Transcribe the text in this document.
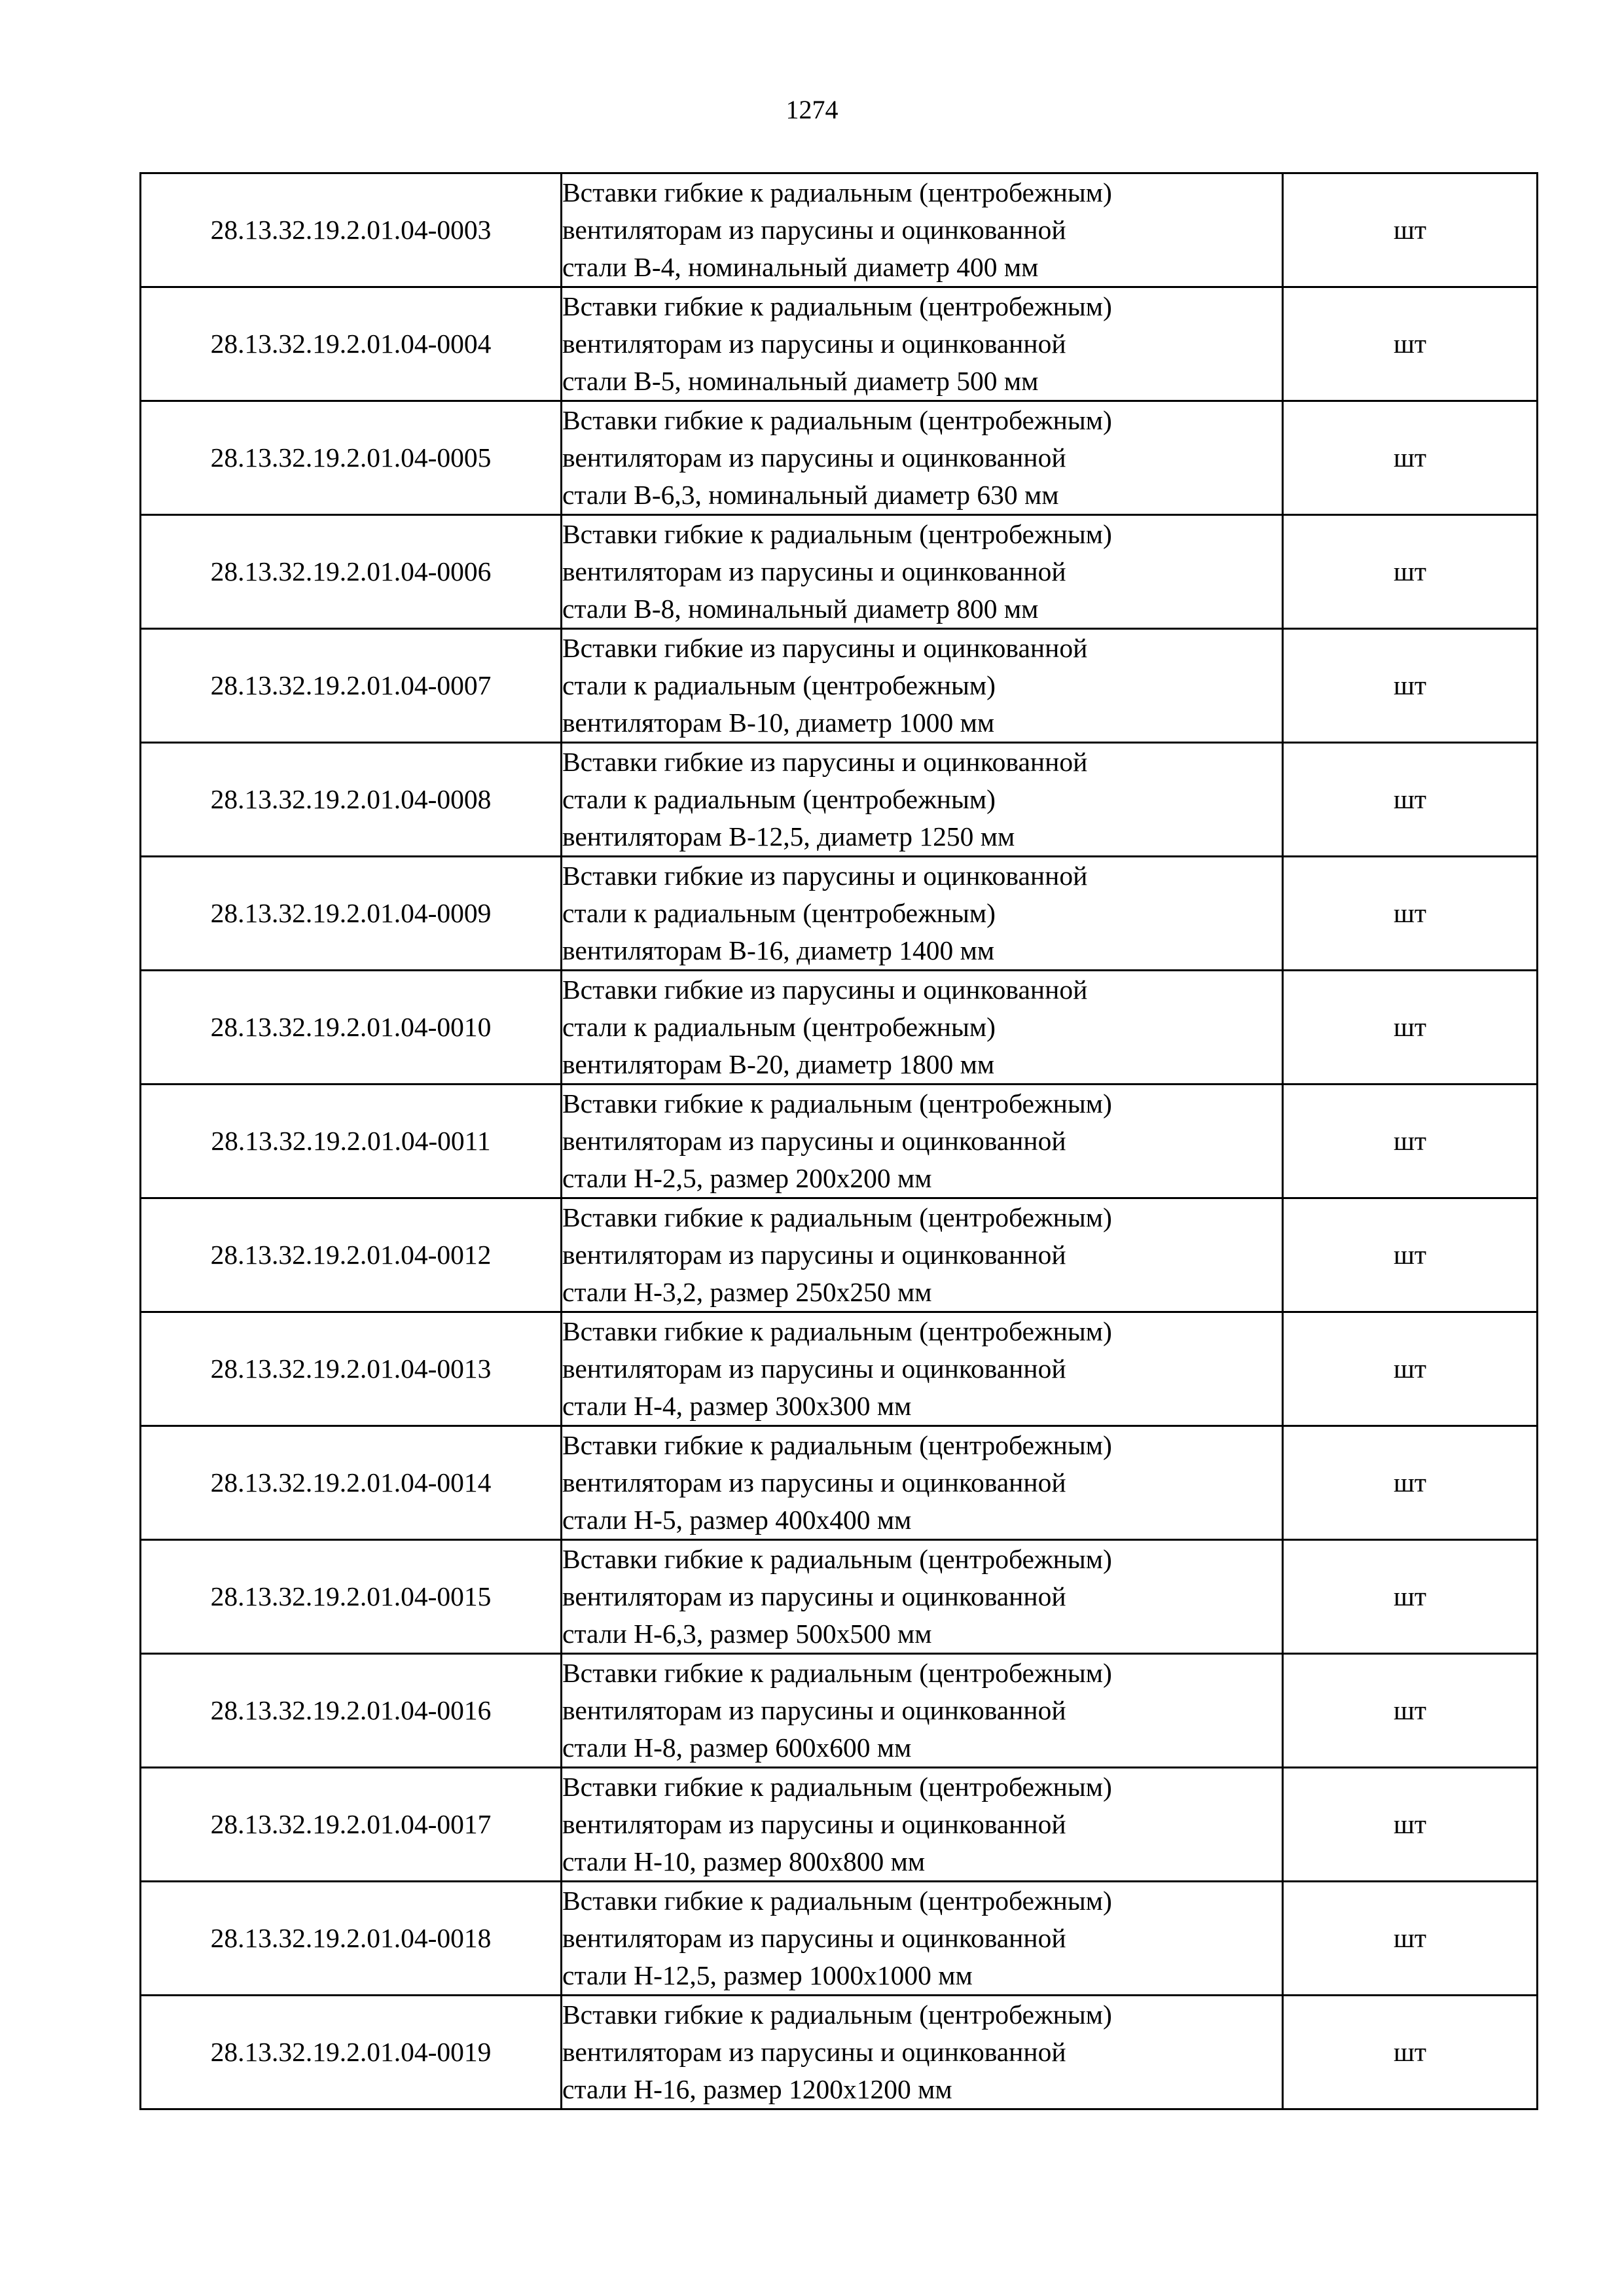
1274
28.13.32.19.2.01.04-0003	Вставки гибкие к радиальным (центробежным)
вентиляторам из парусины и оцинкованной
стали В-4, номинальный диаметр 400 мм	шт
28.13.32.19.2.01.04-0004	Вставки гибкие к радиальным (центробежным)
вентиляторам из парусины и оцинкованной
стали В-5, номинальный диаметр 500 мм	шт
28.13.32.19.2.01.04-0005	Вставки гибкие к радиальным (центробежным)
вентиляторам из парусины и оцинкованной
стали В-6,3, номинальный диаметр 630 мм	шт
28.13.32.19.2.01.04-0006	Вставки гибкие к радиальным (центробежным)
вентиляторам из парусины и оцинкованной
стали В-8, номинальный диаметр 800 мм	шт
28.13.32.19.2.01.04-0007	Вставки гибкие из парусины и оцинкованной
стали к радиальным (центробежным)
вентиляторам В-10, диаметр 1000 мм	шт
28.13.32.19.2.01.04-0008	Вставки гибкие из парусины и оцинкованной
стали к радиальным (центробежным)
вентиляторам В-12,5, диаметр 1250 мм	шт
28.13.32.19.2.01.04-0009	Вставки гибкие из парусины и оцинкованной
стали к радиальным (центробежным)
вентиляторам В-16, диаметр 1400 мм	шт
28.13.32.19.2.01.04-0010	Вставки гибкие из парусины и оцинкованной
стали к радиальным (центробежным)
вентиляторам В-20, диаметр 1800 мм	шт
28.13.32.19.2.01.04-0011	Вставки гибкие к радиальным (центробежным)
вентиляторам из парусины и оцинкованной
стали Н-2,5, размер 200х200 мм	шт
28.13.32.19.2.01.04-0012	Вставки гибкие к радиальным (центробежным)
вентиляторам из парусины и оцинкованной
стали Н-3,2, размер 250х250 мм	шт
28.13.32.19.2.01.04-0013	Вставки гибкие к радиальным (центробежным)
вентиляторам из парусины и оцинкованной
стали Н-4, размер 300х300 мм	шт
28.13.32.19.2.01.04-0014	Вставки гибкие к радиальным (центробежным)
вентиляторам из парусины и оцинкованной
стали Н-5, размер 400х400 мм	шт
28.13.32.19.2.01.04-0015	Вставки гибкие к радиальным (центробежным)
вентиляторам из парусины и оцинкованной
стали Н-6,3, размер 500х500 мм	шт
28.13.32.19.2.01.04-0016	Вставки гибкие к радиальным (центробежным)
вентиляторам из парусины и оцинкованной
стали Н-8, размер 600х600 мм	шт
28.13.32.19.2.01.04-0017	Вставки гибкие к радиальным (центробежным)
вентиляторам из парусины и оцинкованной
стали Н-10, размер 800х800 мм	шт
28.13.32.19.2.01.04-0018	Вставки гибкие к радиальным (центробежным)
вентиляторам из парусины и оцинкованной
стали Н-12,5, размер 1000х1000 мм	шт
28.13.32.19.2.01.04-0019	Вставки гибкие к радиальным (центробежным)
вентиляторам из парусины и оцинкованной
стали Н-16, размер 1200х1200 мм	шт
